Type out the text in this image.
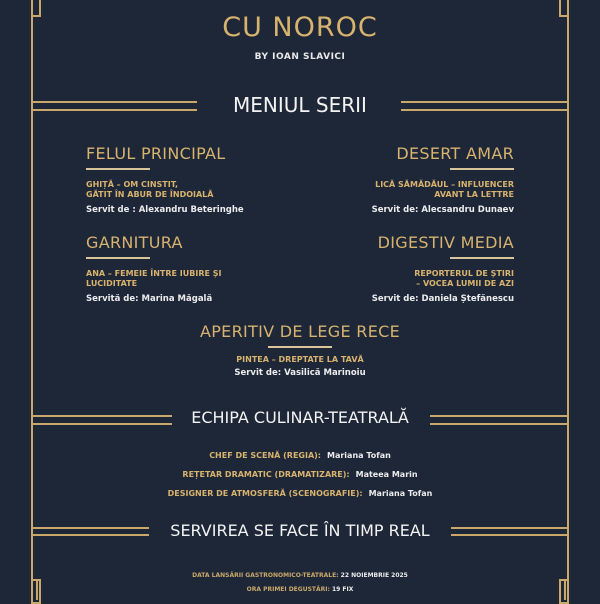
CU NOROC
BY IOAN SLAVICI
MENIUL SERII
FELUL PRINCIPAL
GHIȚĂ – OM CINSTIT,
GĂTIT ÎN ABUR DE ÎNDOIALĂ
Servit de : Alexandru Beteringhe
DESERT AMAR
LICĂ SĂMĂDĂUL – INFLUENCER
AVANT LA LETTRE
Servit de: Alecsandru Dunaev
GARNITURA
ANA – FEMEIE ÎNTRE IUBIRE ȘI
LUCIDITATE
Servită de: Marina Măgală
DIGESTIV MEDIA
REPORTERUL DE ȘTIRI
– VOCEA LUMII DE AZI
Servit de: Daniela Ștefănescu
APERITIV DE LEGE RECE
PINTEA – DREPTATE LA TAVĂ
Servit de: Vasilică Marinoiu
ECHIPA CULINAR-TEATRALĂ
CHEF DE SCENĂ (REGIA): Mariana Tofan
REȚETAR DRAMATIC (DRAMATIZARE): Mateea Marin
DESIGNER DE ATMOSFERĂ (SCENOGRAFIE): Mariana Tofan
SERVIREA SE FACE ÎN TIMP REAL
DATA LANSĂRII GASTRONOMICO-TEATRALE: 22 NOIEMBRIE 2025
ORA PRIMEI DEGUSTĂRI: 19 FIX
